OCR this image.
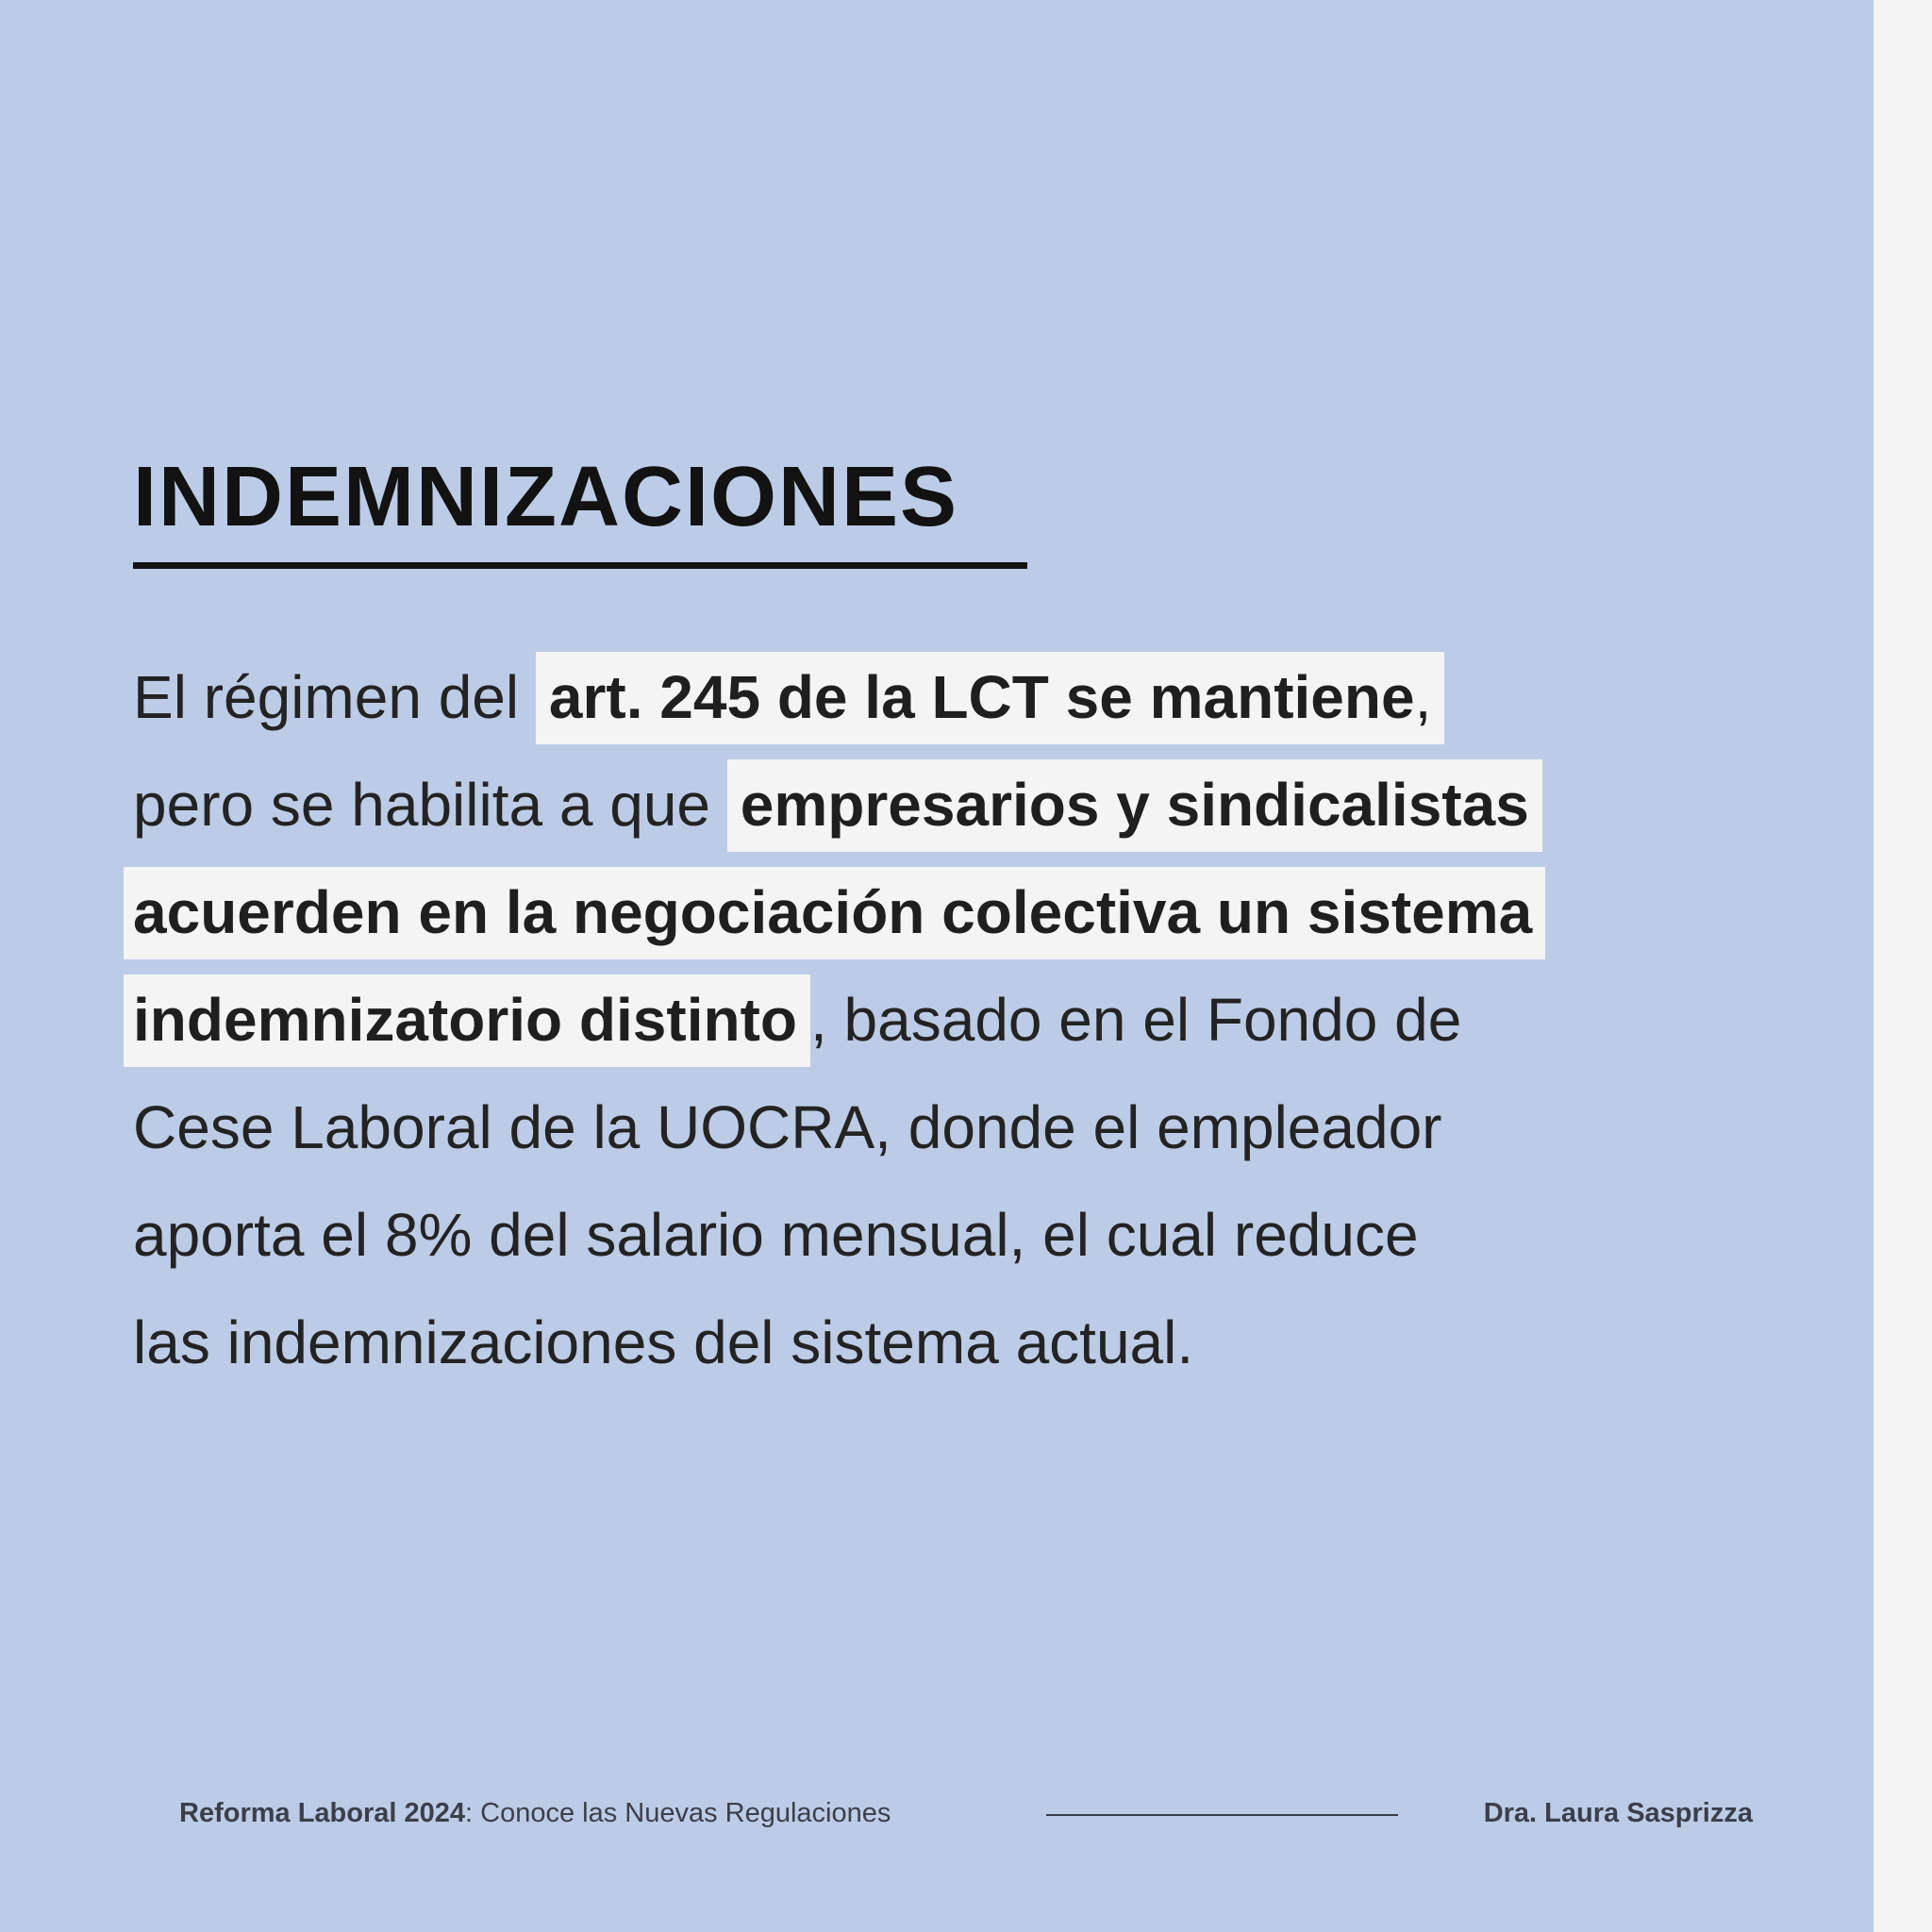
INDEMNIZACIONES

El régimen del art. 245 de la LCT se mantiene,
pero se habilita a que empresarios y sindicalistas
acuerden en la negociación colectiva un sistema
indemnizatorio distinto , basado en el Fondo de
Cese Laboral de la UOCRA, donde el empleador
aporta el 8% del salario mensual, el cual reduce
las indemnizaciones del sistema actual.

Reforma Laboral 2024: Conoce las Nuevas Regulaciones	Dra. Laura Sasprizza
